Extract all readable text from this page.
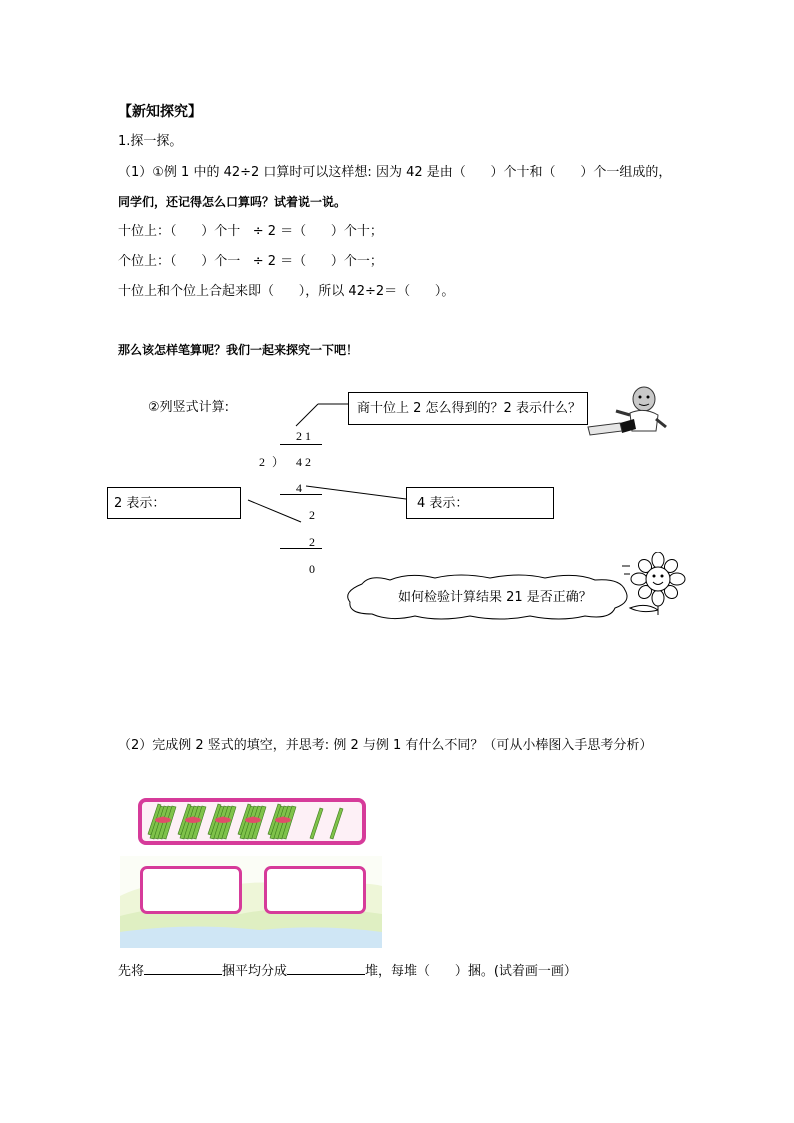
【新知探究】
1.探一探。
（1）①例 1 中的 42÷2 口算时可以这样想: 因为 42 是由（      ）个十和（      ）个一组成的，
同学们，还记得怎么口算吗？试着说一说。
十位上：（      ）个十   ÷ 2 ＝（      ）个十；
个位上：（      ）个一   ÷ 2 ＝（      ）个一；
十位上和个位上合起来即（      ），所以 42÷2＝（      ）。
那么该怎样笔算呢？我们一起来探究一下吧！
②列竖式计算:	商十位上 2 怎么得到的？2 表示什么？
2 1
2 ） 4 2
4
2
2
0
2 表示：	4 表示：
如何检验计算结果 21 是否正确？
（2）完成例 2 竖式的填空，并思考: 例 2 与例 1 有什么不同？（可从小棒图入手思考分析）
先将	捆平均分成	堆，每堆（      ）捆。(试着画一画）
